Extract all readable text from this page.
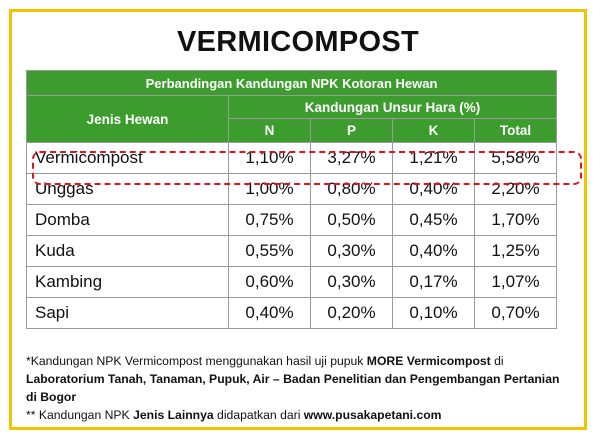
VERMICOMPOST
Perbandingan Kandungan NPK Kotoran Hewan				
Jenis Hewan	Kandungan Unsur Hara (%)			
	N	P	K	Total
Vermicompost	1,10%	3,27%	1,21%	5,58%
Unggas	1,00%	0,80%	0,40%	2,20%
Domba	0,75%	0,50%	0,45%	1,70%
Kuda	0,55%	0,30%	0,40%	1,25%
Kambing	0,60%	0,30%	0,17%	1,07%
Sapi	0,40%	0,20%	0,10%	0,70%
*Kandungan NPK Vermicompost menggunakan hasil uji pupuk MORE Vermicompost di Laboratorium Tanah, Tanaman, Pupuk, Air – Badan Penelitian dan Pengembangan Pertanian di Bogor
** Kandungan NPK Jenis Lainnya didapatkan dari www.pusakapetani.com
